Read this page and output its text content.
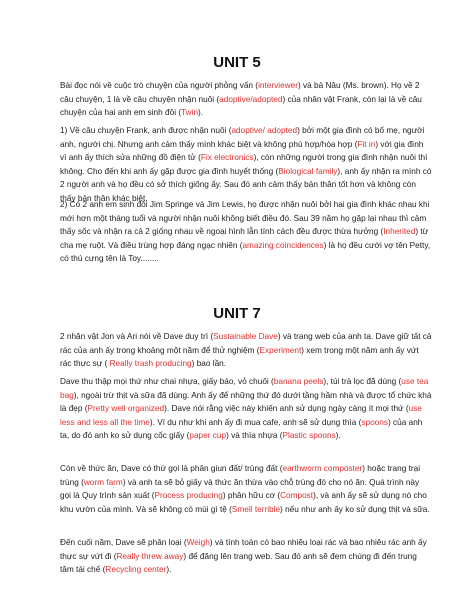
UNIT 5

Bài đọc nói về cuộc trò chuyện của người phỏng vấn (interviewer) và bà Nâu (Ms. brown). Họ về 2 câu chuyện, 1 là về câu chuyện nhận nuôi (adoptive/adopted) của nhân vật Frank, còn lại là về câu chuyện của hai anh em sinh đôi (Twin).

1) Về câu chuyện Frank, anh được nhận nuôi (adoptive/ adopted) bởi một gia đình có bố mẹ, người anh, người chị. Nhưng anh cảm thấy mình khác biệt và không phù hợp/hòa hợp (Fit in) với gia đình vì anh ấy thích sửa những đồ điện tử (Fix electronics), còn những người trong gia đình nhận nuôi thì không. Cho đến khi anh ấy gặp được gia đình huyết thống (Biological family), anh ấy nhận ra mình có 2 người anh và họ đều có sở thích giống ấy. Sau đó anh cảm thấy bản thân tốt hơn và không còn thấy bản thân khác biệt.

2) Có 2 anh em sinh đôi Jim Springe và Jim Lewis, họ được nhận nuôi bởi hai gia đình khác nhau khi mới hơn một tháng tuổi và người nhận nuôi không biết điều đó. Sau 39 năm họ gặp lại nhau thì cảm thấy sốc và nhận ra cả 2 giống nhau về ngoại hình lẫn tính cách đều được thừa hưởng (Inherited) từ cha mẹ ruột. Và điều trùng hợp đáng ngạc nhiên (amazing coincidences) là họ đều cưới vợ tên Petty, có thú cưng tên là Toy........

UNIT 7

2 nhân vật Jon và Ari nói về Dave duy trì (Sustainable Dave) và trang web của anh ta. Dave giữ tất cả rác của anh ấy trong khoảng một năm để thử nghiệm (Experiment) xem trong một năm anh ấy vứt rác thực sự ( Really trash producing) bao lần.

Dave thu thập mọi thứ như chai nhựa, giấy báo, vỏ chuối (banana peels), túi trà lọc đã dùng (use tea bag), ngoài trừ thịt và sữa đã dùng. Anh ấy để những thứ đó dưới tầng hầm nhà và được tổ chức khá là đẹp (Pretty well organized). Dave nói rằng việc này khiến anh sử dụng ngày càng ít mọi thứ (use less and less all the time). Ví dụ như khi anh ấy đi mua cafe, anh sẽ sử dụng thìa (spoons) của anh ta, do đó anh ko sử dụng cốc giấy (paper cup) và thìa nhựa (Plastic spoons).

Còn về thức ăn, Dave có thứ gọi là phân giun đất/ trùng đất (earthworm composter) hoặc trang trại trùng (worm farm) và anh ta sẽ bỏ giấy và thức ăn thừa vào chỗ trùng đó cho nó ăn. Quá trình này gọi là Quy trình sản xuất (Process producing) phân hữu cơ (Compost), và anh ấy sẽ sử dụng nó cho khu vườn của mình. Và sẽ không có mùi gì tệ (Smell terrible) nếu như anh ấy ko sử dụng thịt và sữa.

Đến cuối năm, Dave sẽ phân loại (Weigh) và tính toán có bao nhiêu loại rác và bao nhiêu rác anh ấy thực sự vứt đi (Really threw away) để đăng lên trang web. Sau đó anh sẽ đem chúng đi đến trung tâm tái chế (Recycling center).
